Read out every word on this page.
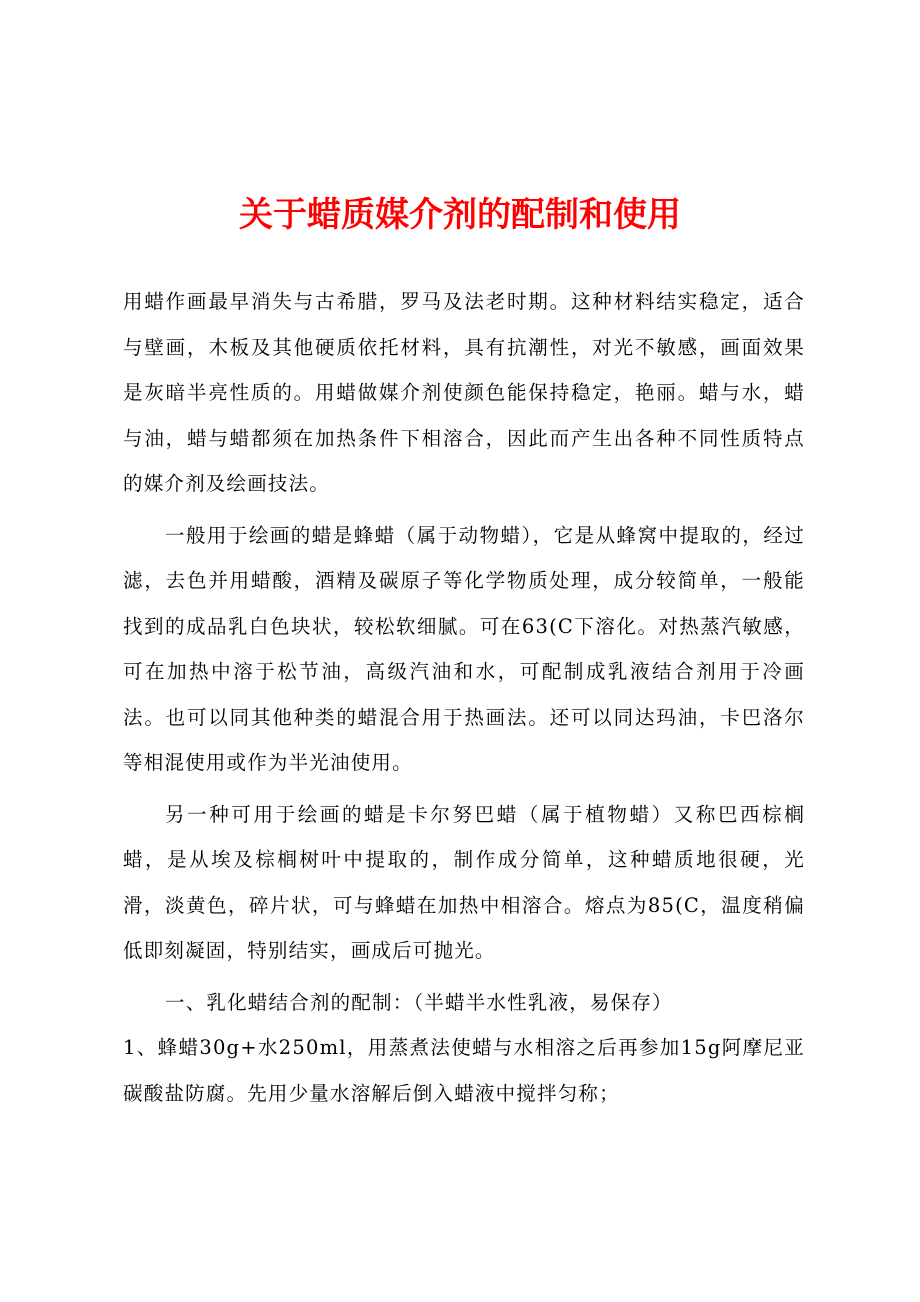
关于蜡质媒介剂的配制和使用

用蜡作画最早消失与古希腊，罗马及法老时期。这种材料结实稳定，适合与壁画，木板及其他硬质依托材料，具有抗潮性，对光不敏感，画面效果是灰暗半亮性质的。用蜡做媒介剂使颜色能保持稳定，艳丽。蜡与水，蜡与油，蜡与蜡都须在加热条件下相溶合，因此而产生出各种不同性质特点的媒介剂及绘画技法。

一般用于绘画的蜡是蜂蜡（属于动物蜡），它是从蜂窝中提取的，经过滤，去色并用蜡酸，酒精及碳原子等化学物质处理，成分较简单，一般能找到的成品乳白色块状，较松软细腻。可在63(C下溶化。对热蒸汽敏感，可在加热中溶于松节油，高级汽油和水，可配制成乳液结合剂用于冷画法。也可以同其他种类的蜡混合用于热画法。还可以同达玛油，卡巴洛尔等相混使用或作为半光油使用。

另一种可用于绘画的蜡是卡尔努巴蜡（属于植物蜡）又称巴西棕榈蜡，是从埃及棕榈树叶中提取的，制作成分简单，这种蜡质地很硬，光滑，淡黄色，碎片状，可与蜂蜡在加热中相溶合。熔点为85(C，温度稍偏低即刻凝固，特别结实，画成后可抛光。

一、乳化蜡结合剂的配制：（半蜡半水性乳液，易保存）

1、蜂蜡30g+水250ml，用蒸煮法使蜡与水相溶之后再参加15g阿摩尼亚碳酸盐防腐。先用少量水溶解后倒入蜡液中搅拌匀称；
